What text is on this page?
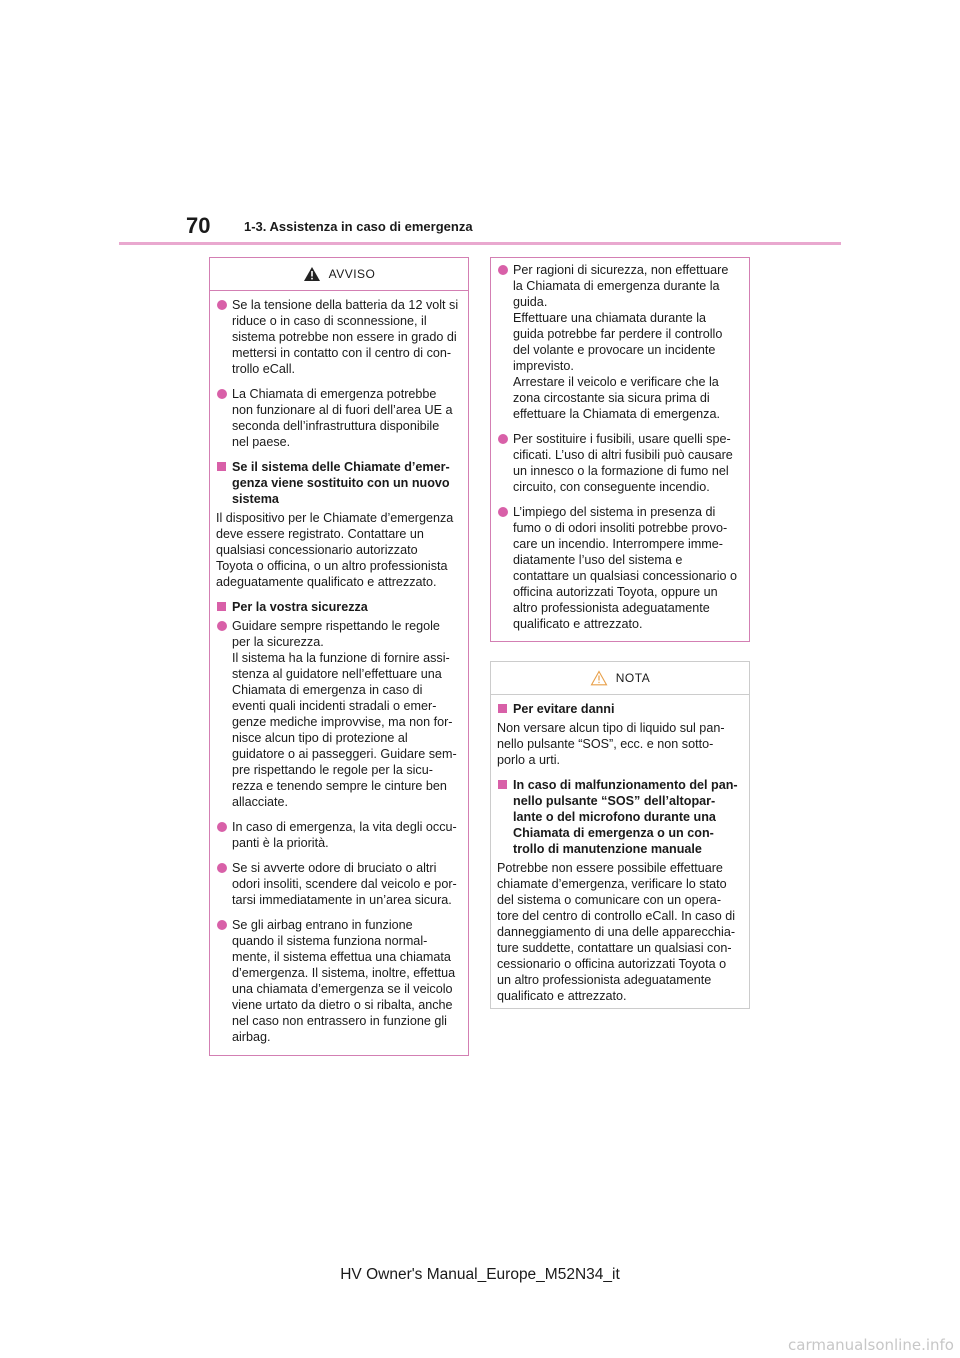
70	1-3. Assistenza in caso di emergenza
AVVISO
Se la tensione della batteria da 12 volt si
riduce o in caso di sconnessione, il
sistema potrebbe non essere in grado di
mettersi in contatto con il centro di con-
trollo eCall.
La Chiamata di emergenza potrebbe
non funzionare al di fuori dell’area UE a
seconda dell’infrastruttura disponibile
nel paese.
Se il sistema delle Chiamate d’emer-
genza viene sostituito con un nuovo
sistema
Il dispositivo per le Chiamate d’emergenza
deve essere registrato. Contattare un
qualsiasi concessionario autorizzato
Toyota o officina, o un altro professionista
adeguatamente qualificato e attrezzato.
Per la vostra sicurezza
Guidare sempre rispettando le regole
per la sicurezza.
Il sistema ha la funzione di fornire assi-
stenza al guidatore nell’effettuare una
Chiamata di emergenza in caso di
eventi quali incidenti stradali o emer-
genze mediche improvvise, ma non for-
nisce alcun tipo di protezione al
guidatore o ai passeggeri. Guidare sem-
pre rispettando le regole per la sicu-
rezza e tenendo sempre le cinture ben
allacciate.
In caso di emergenza, la vita degli occu-
panti è la priorità.
Se si avverte odore di bruciato o altri
odori insoliti, scendere dal veicolo e por-
tarsi immediatamente in un’area sicura.
Se gli airbag entrano in funzione
quando il sistema funziona normal-
mente, il sistema effettua una chiamata
d’emergenza. Il sistema, inoltre, effettua
una chiamata d’emergenza se il veicolo
viene urtato da dietro o si ribalta, anche
nel caso non entrassero in funzione gli
airbag.
Per ragioni di sicurezza, non effettuare
la Chiamata di emergenza durante la
guida.
Effettuare una chiamata durante la
guida potrebbe far perdere il controllo
del volante e provocare un incidente
imprevisto.
Arrestare il veicolo e verificare che la
zona circostante sia sicura prima di
effettuare la Chiamata di emergenza.
Per sostituire i fusibili, usare quelli spe-
cificati. L’uso di altri fusibili può causare
un innesco o la formazione di fumo nel
circuito, con conseguente incendio.
L’impiego del sistema in presenza di
fumo o di odori insoliti potrebbe provo-
care un incendio. Interrompere imme-
diatamente l’uso del sistema e
contattare un qualsiasi concessionario o
officina autorizzati Toyota, oppure un
altro professionista adeguatamente
qualificato e attrezzato.
NOTA
Per evitare danni
Non versare alcun tipo di liquido sul pan-
nello pulsante “SOS”, ecc. e non sotto-
porlo a urti.
In caso di malfunzionamento del pan-
nello pulsante “SOS” dell’altopar-
lante o del microfono durante una
Chiamata di emergenza o un con-
trollo di manutenzione manuale
Potrebbe non essere possibile effettuare
chiamate d’emergenza, verificare lo stato
del sistema o comunicare con un opera-
tore del centro di controllo eCall. In caso di
danneggiamento di una delle apparecchia-
ture suddette, contattare un qualsiasi con-
cessionario o officina autorizzati Toyota o
un altro professionista adeguatamente
qualificato e attrezzato.
HV Owner's Manual_Europe_M52N34_it
carmanualsonline.info
